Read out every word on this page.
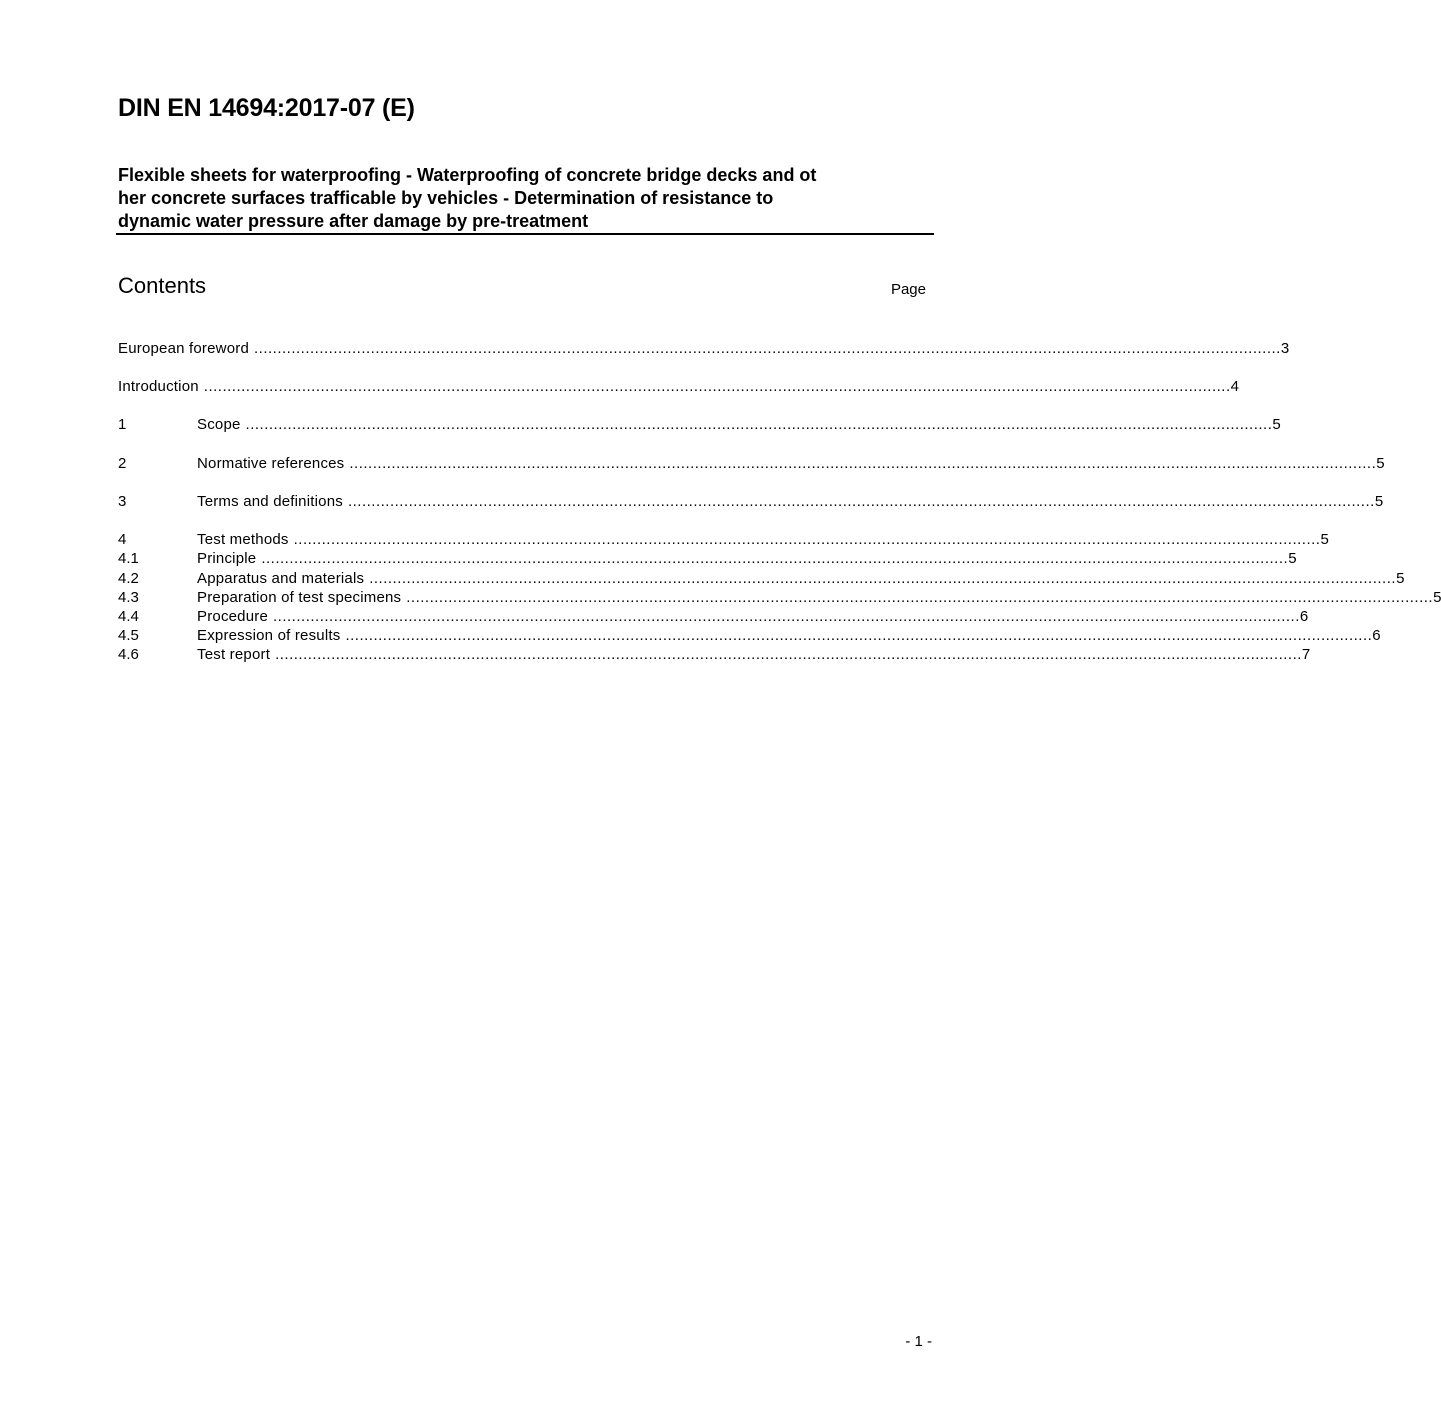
DIN EN 14694:2017-07 (E)
Flexible sheets for waterproofing - Waterproofing of concrete bridge decks and ot
her concrete surfaces trafficable by vehicles - Determination of resistance to
dynamic water pressure after damage by pre-treatment
Contents	Page
European foreword ............................................................................................................................................................................................................................ 3
Introduction ............................................................................................................................................................................................................................ 4
1	Scope ............................................................................................................................................................................................................................ 5
2	Normative references ............................................................................................................................................................................................................................ 5
3	Terms and definitions ............................................................................................................................................................................................................................ 5
4	Test methods ............................................................................................................................................................................................................................ 5
4.1	Principle ............................................................................................................................................................................................................................ 5
4.2	Apparatus and materials ............................................................................................................................................................................................................................ 5
4.3	Preparation of test specimens ............................................................................................................................................................................................................................ 5
4.4	Procedure ............................................................................................................................................................................................................................ 6
4.5	Expression of results ............................................................................................................................................................................................................................ 6
4.6	Test report ............................................................................................................................................................................................................................ 7
- 1 -
